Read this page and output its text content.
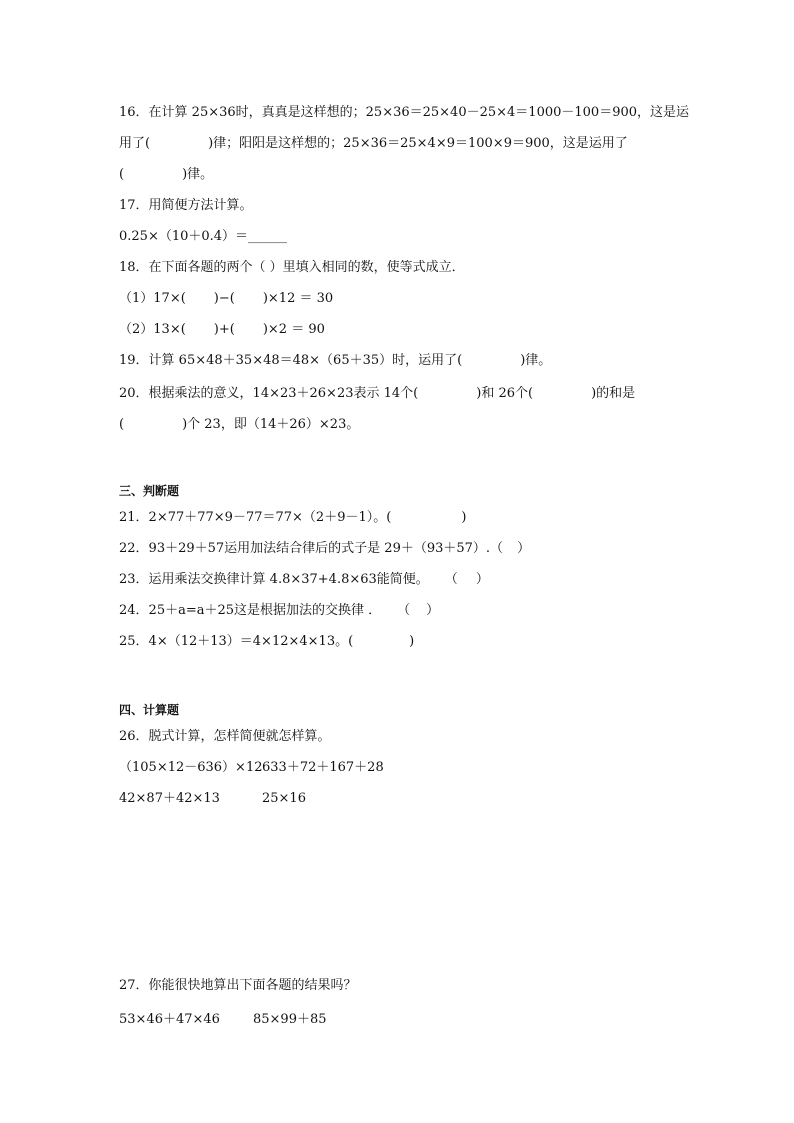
16．在计算 25×36时，真真是这样想的；25×36＝25×40－25×4＝1000－100＝900，这是运
用了(	)律；阳阳是这样想的；25×36＝25×4×9＝100×9＝900，这是运用了
(	)律。
17．用简便方法计算。
0.25×（10＋0.4）＝______
18．在下面各题的两个（ ）里填入相同的数，使等式成立．
（1）17×( )−( )×12 ＝ 30
（2）13×( )+( )×2 ＝ 90
19．计算 65×48＋35×48＝48×（65＋35）时，运用了(	)律。
20．根据乘法的意义，14×23＋26×23表示 14个(	)和 26个(	)的和是
(	)个 23，即（14＋26）×23。
三、判断题
21．2×77＋77×9－77＝77×（2＋9－1）。(	)
22．93＋29＋57运用加法结合律后的式子是 29＋（93＋57）.（ ）
23．运用乘法交换律计算 4.8×37+4.8×63能简便。 （ ）
24．25＋a=a＋25这是根据加法的交换律 ． （ ）
25．4×（12＋13）＝4×12×4×13。(	)
四、计算题
26．脱式计算，怎样简便就怎样算。
（105×12－636）×12633＋72＋167＋28
42×87＋42×13	25×16
27．你能很快地算出下面各题的结果吗？
53×46＋47×46	85×99＋85
